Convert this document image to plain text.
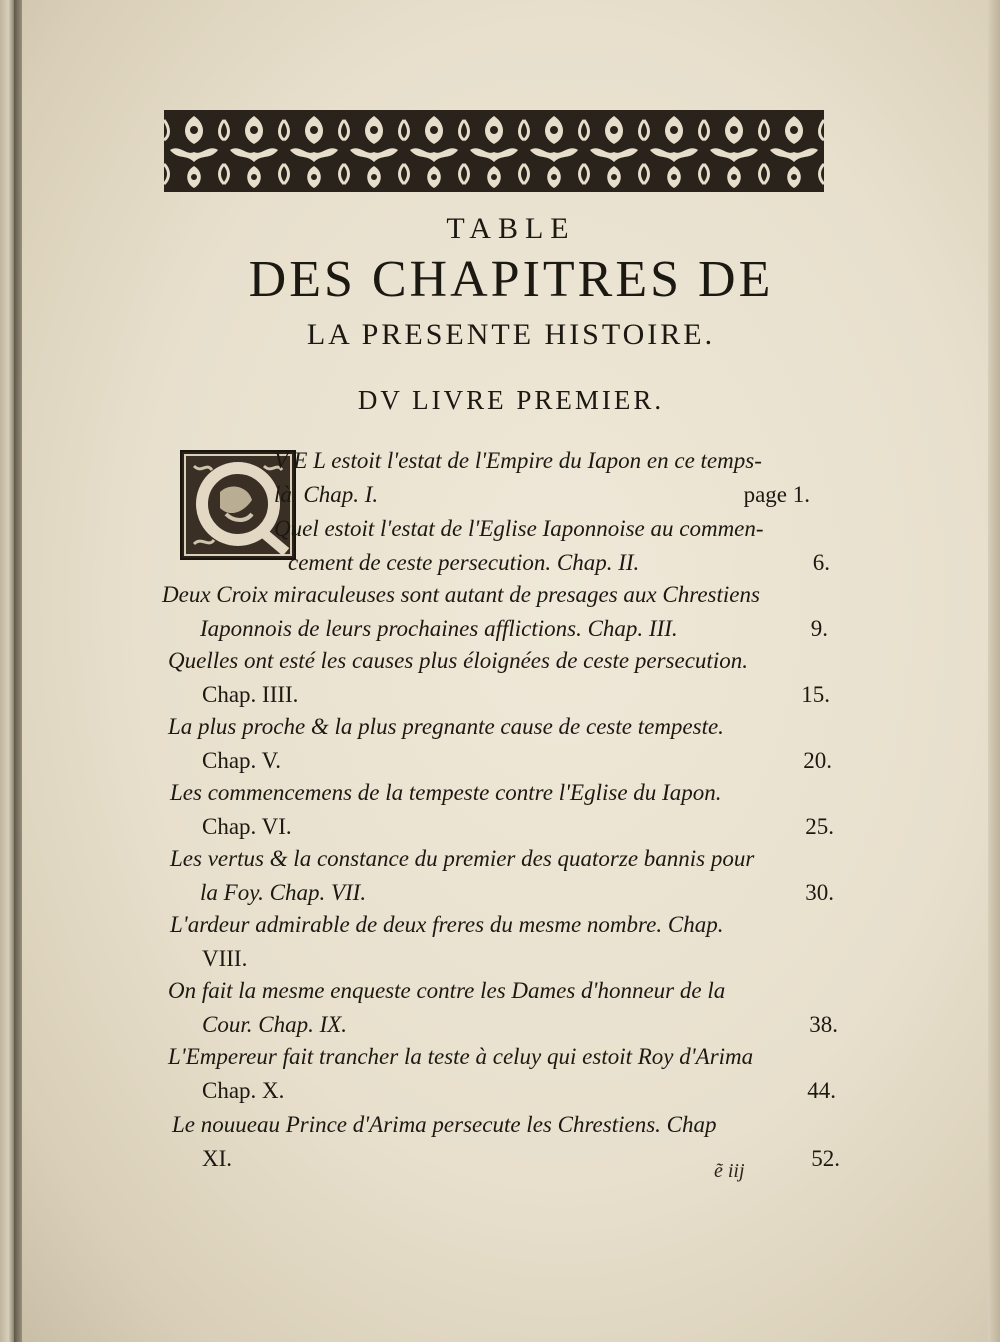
TABLE
DES CHAPITRES DE
LA PRESENTE HISTOIRE.
DV LIVRE PREMIER.
V E L estoit l'estat de l'Empire du Iapon en ce temps-
là. Chap. I.	page 1.
Quel estoit l'estat de l'Eglise Iaponnoise au commen-
cement de ceste persecution. Chap. II.	6.
Deux Croix miraculeuses sont autant de presages aux Chrestiens
Iaponnois de leurs prochaines afflictions. Chap. III.	9.
Quelles ont esté les causes plus éloignées de ceste persecution.
Chap. IIII.	15.
La plus proche & la plus pregnante cause de ceste tempeste.
Chap. V.	20.
Les commencemens de la tempeste contre l'Eglise du Iapon.
Chap. VI.	25.
Les vertus & la constance du premier des quatorze bannis pour
la Foy. Chap. VII.	30.
L'ardeur admirable de deux freres du mesme nombre. Chap.
VIII.
On fait la mesme enqueste contre les Dames d'honneur de la
Cour. Chap. IX.	38.
L'Empereur fait trancher la teste à celuy qui estoit Roy d'Arima
Chap. X.	44.
Le nouueau Prince d'Arima persecute les Chrestiens. Chap
XI.	52.
ẽ iij
